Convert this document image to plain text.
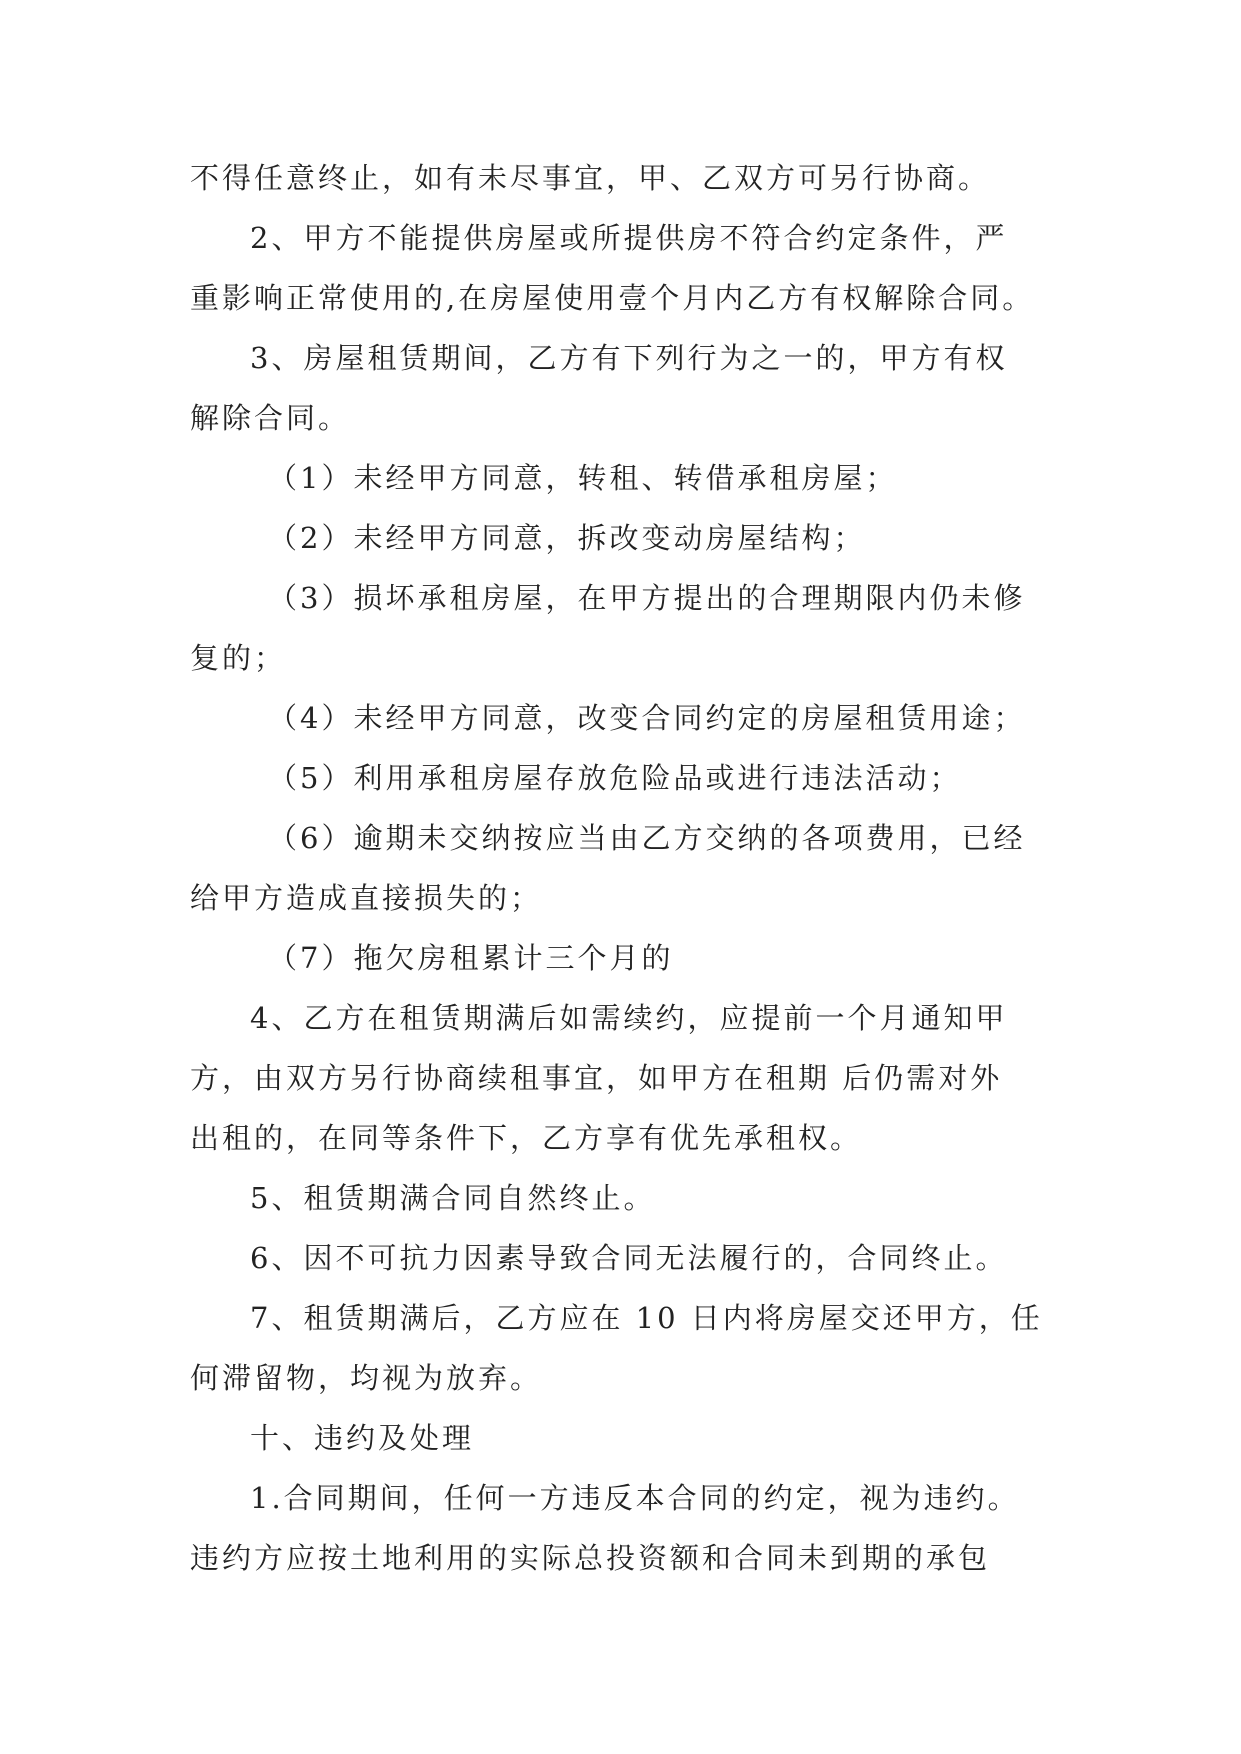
不得任意终止，如有未尽事宜，甲、乙双方可另行协商。
2、甲方不能提供房屋或所提供房不符合约定条件，严
重影响正常使用的,在房屋使用壹个月内乙方有权解除合同。
3、房屋租赁期间，乙方有下列行为之一的，甲方有权
解除合同。
（1）未经甲方同意，转租、转借承租房屋；
（2）未经甲方同意，拆改变动房屋结构；
（3）损坏承租房屋，在甲方提出的合理期限内仍未修
复的；
（4）未经甲方同意，改变合同约定的房屋租赁用途；
（5）利用承租房屋存放危险品或进行违法活动；
（6）逾期未交纳按应当由乙方交纳的各项费用，已经
给甲方造成直接损失的；
（7）拖欠房租累计三个月的
4、乙方在租赁期满后如需续约，应提前一个月通知甲
方，由双方另行协商续租事宜，如甲方在租期 后仍需对外
出租的，在同等条件下，乙方享有优先承租权。
5、租赁期满合同自然终止。
6、因不可抗力因素导致合同无法履行的，合同终止。
7、租赁期满后，乙方应在 10 日内将房屋交还甲方，任
何滞留物，均视为放弃。
十、违约及处理
1.合同期间，任何一方违反本合同的约定，视为违约。
违约方应按土地利用的实际总投资额和合同未到期的承包
